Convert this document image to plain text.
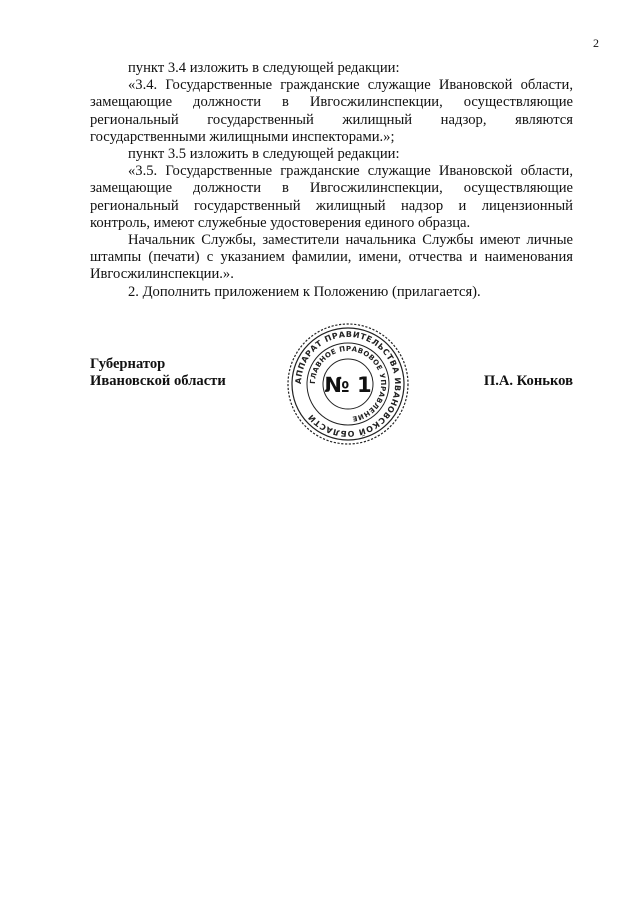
2

пункт 3.4 изложить в следующей редакции:

«3.4. Государственные гражданские служащие Ивановской области, замещающие должности в Ивгосжилинспекции, осуществляющие региональный государственный жилищный надзор, являются государственными жилищными инспекторами.»;

пункт 3.5 изложить в следующей редакции:

«3.5. Государственные гражданские служащие Ивановской области, замещающие должности в Ивгосжилинспекции, осуществляющие региональный государственный жилищный надзор и лицензионный контроль, имеют служебные удостоверения единого образца.

Начальник Службы, заместители начальника Службы имеют личные штампы (печати) с указанием фамилии, имени, отчества и наименования Ивгосжилинспекции.».

2. Дополнить приложением к Положению (прилагается).

Губернатор
Ивановской области	АППАРАТ ПРАВИТЕЛЬСТВА ИВАНОВСКОЙ ОБЛАСТИ
ГЛАВНОЕ ПРАВОВОЕ УПРАВЛЕНИЕ
№ 1	П.А. Коньков
